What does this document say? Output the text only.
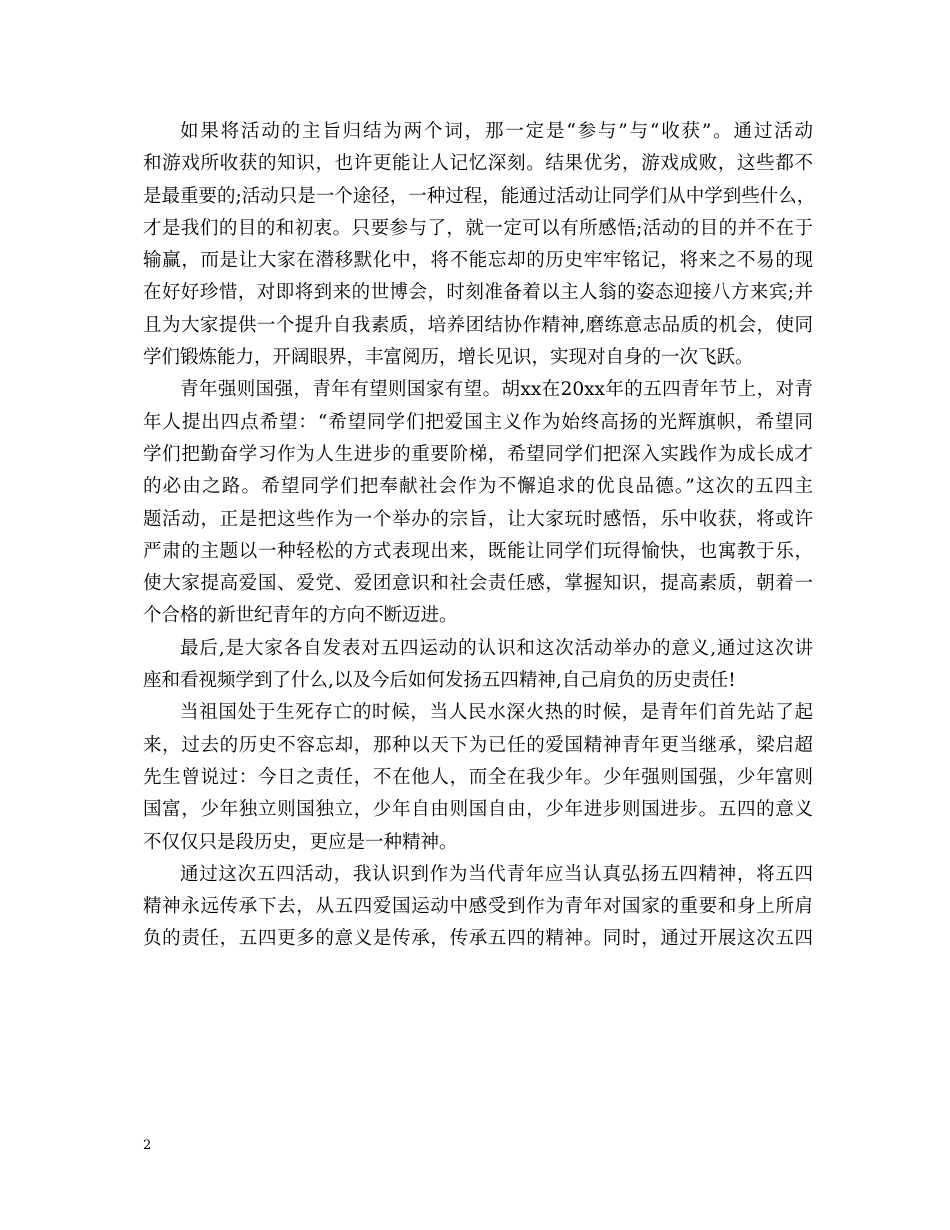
如果将活动的主旨归结为两个词，那一定是“参与”与“收获”。通过活动
和游戏所收获的知识，也许更能让人记忆深刻。结果优劣，游戏成败，这些都不
是最重要的;活动只是一个途径，一种过程，能通过活动让同学们从中学到些什么，
才是我们的目的和初衷。只要参与了，就一定可以有所感悟;活动的目的并不在于
输赢，而是让大家在潜移默化中，将不能忘却的历史牢牢铭记，将来之不易的现
在好好珍惜，对即将到来的世博会，时刻准备着以主人翁的姿态迎接八方来宾;并
且为大家提供一个提升自我素质，培养团结协作精神,磨练意志品质的机会，使同
学们锻炼能力，开阔眼界，丰富阅历，增长见识，实现对自身的一次飞跃。
青年强则国强，青年有望则国家有望。胡xx在20xx年的五四青年节上，对青
年人提出四点希望：“希望同学们把爱国主义作为始终高扬的光辉旗帜，希望同
学们把勤奋学习作为人生进步的重要阶梯，希望同学们把深入实践作为成长成才
的必由之路。希望同学们把奉献社会作为不懈追求的优良品德。”这次的五四主
题活动，正是把这些作为一个举办的宗旨，让大家玩时感悟，乐中收获，将或许
严肃的主题以一种轻松的方式表现出来，既能让同学们玩得愉快，也寓教于乐，
使大家提高爱国、爱党、爱团意识和社会责任感，掌握知识，提高素质，朝着一
个合格的新世纪青年的方向不断迈进。
最后,是大家各自发表对五四运动的认识和这次活动举办的意义,通过这次讲
座和看视频学到了什么,以及今后如何发扬五四精神,自己肩负的历史责任!
当祖国处于生死存亡的时候，当人民水深火热的时候，是青年们首先站了起
来，过去的历史不容忘却，那种以天下为已任的爱国精神青年更当继承，梁启超
先生曾说过：今日之责任，不在他人，而全在我少年。少年强则国强，少年富则
国富，少年独立则国独立，少年自由则国自由，少年进步则国进步。五四的意义
不仅仅只是段历史，更应是一种精神。
通过这次五四活动，我认识到作为当代青年应当认真弘扬五四精神，将五四
精神永远传承下去，从五四爱国运动中感受到作为青年对国家的重要和身上所肩
负的责任，五四更多的意义是传承，传承五四的精神。同时，通过开展这次五四
2
